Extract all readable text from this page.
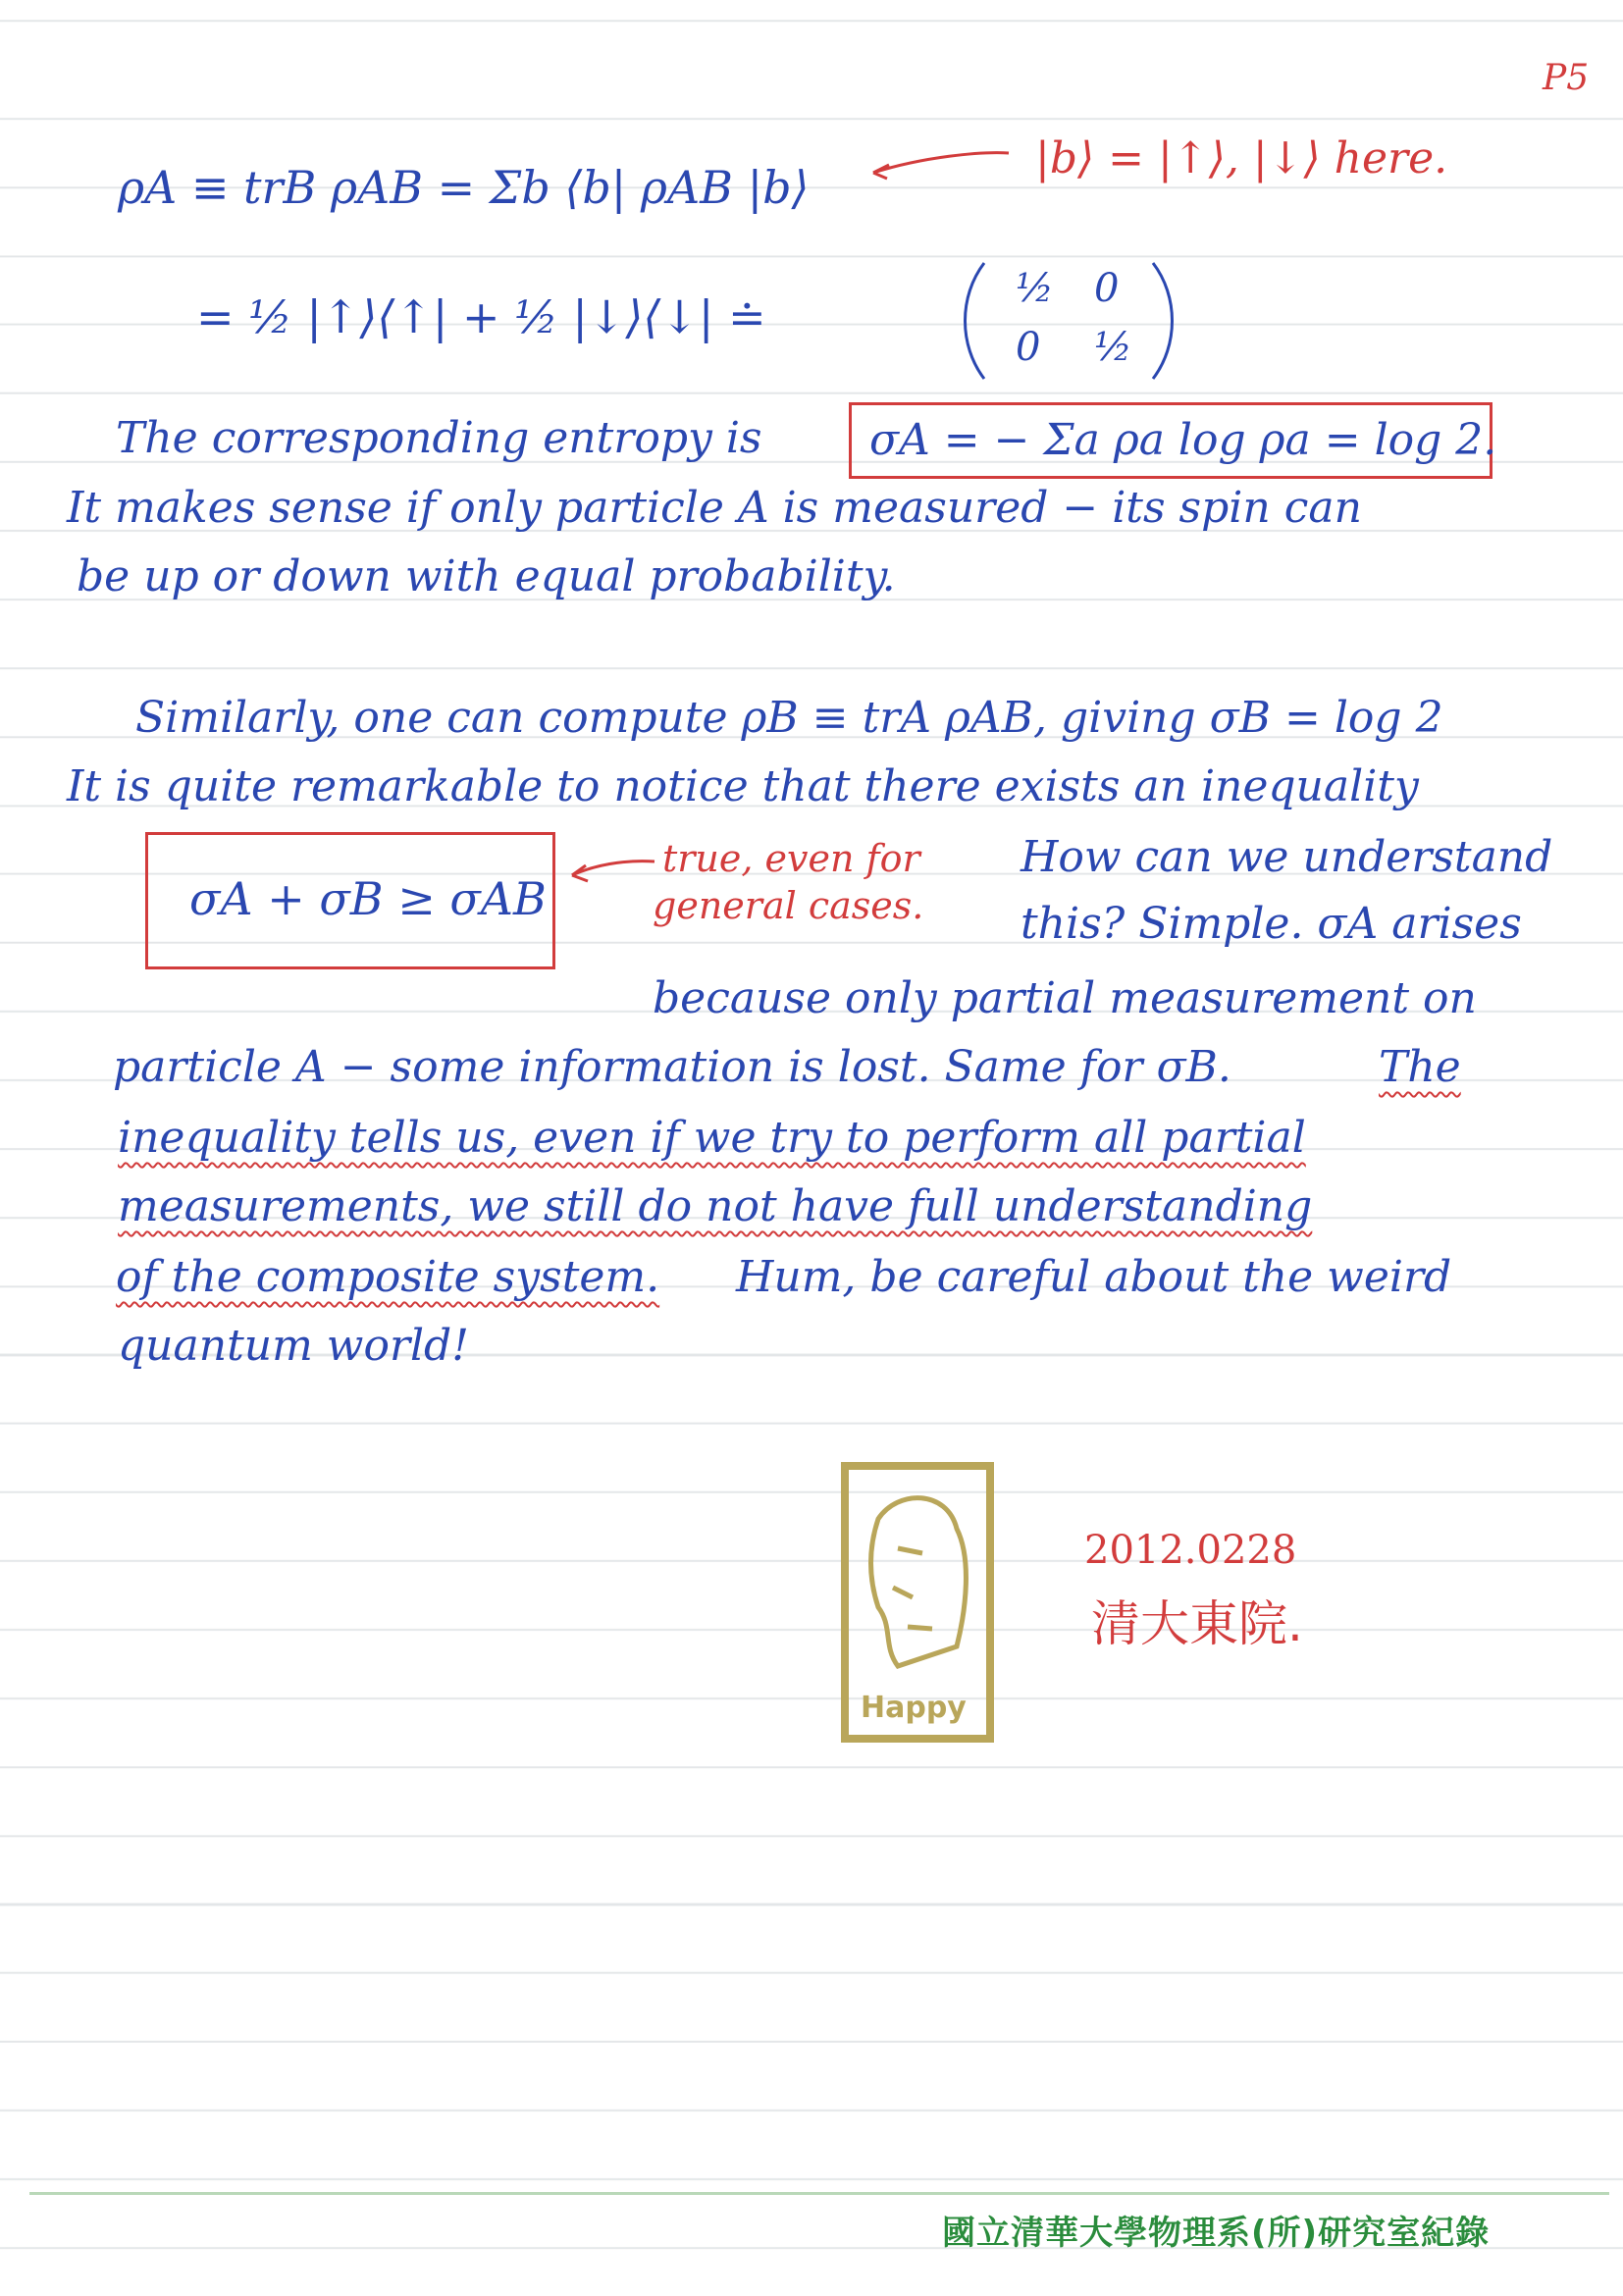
P5
ρA ≡ trB ρAB = Σb ⟨b| ρAB |b⟩
|b⟩ = |↑⟩, |↓⟩ here.
= ½ |↑⟩⟨↑| + ½ |↓⟩⟨↓| ≐
½ 0
0 ½
The corresponding entropy is σA = − Σa ρa log ρa = log 2.
It makes sense if only particle A is measured − its spin can
be up or down with equal probability.
Similarly, one can compute ρB ≡ trA ρAB, giving σB = log 2
It is quite remarkable to notice that there exists an inequality
σA + σB ≥ σAB
true, even for
general cases.
How can we understand
this? Simple. σA arises
because only partial measurement on
particle A − some information is lost. Same for σB.	The
inequality tells us, even if we try to perform all partial
measurements, we still do not have full understanding
of the composite system. Hum, be careful about the weird
quantum world!
Happy
2012.0228
清大東院.
國立清華大學物理系(所)研究室紀錄
